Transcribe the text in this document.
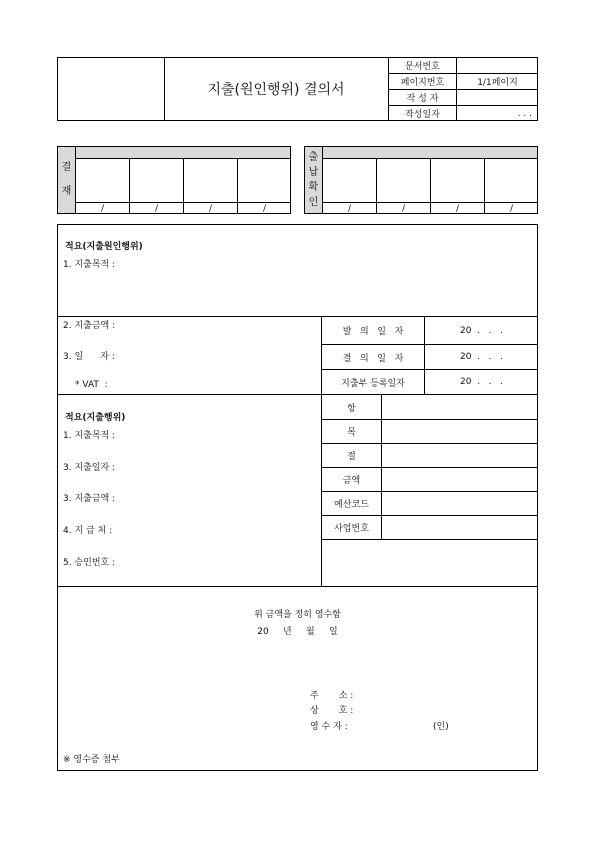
지출(원인행위) 결의서
문서번호
페이지번호	1/1페이지
작 성 자
작성일자	. . .
결

재
/	/	/	/
출
납
확
인
/	/	/	/
적요(지출원인행위)
1. 지출목적 :
2. 지출금액 :
3. 일      자 :
* VAT  :
발   의   일   자	20  .   .   .
결   의   일   자	20  .   .   .
지출부 등록일자	20  .   .   .
적요(지출행위)
1. 지출목적 :
3. 지출일자 :
3. 지출금액 :
4. 지 급 처 :
5. 승인번호 :
항
목
절
금액
예산코드
사업번호
위 금액을 정히 영수함
20     년     월     일
주       소 :
상       호 :
영 수 자 :	(인)
※ 영수증 첨부
